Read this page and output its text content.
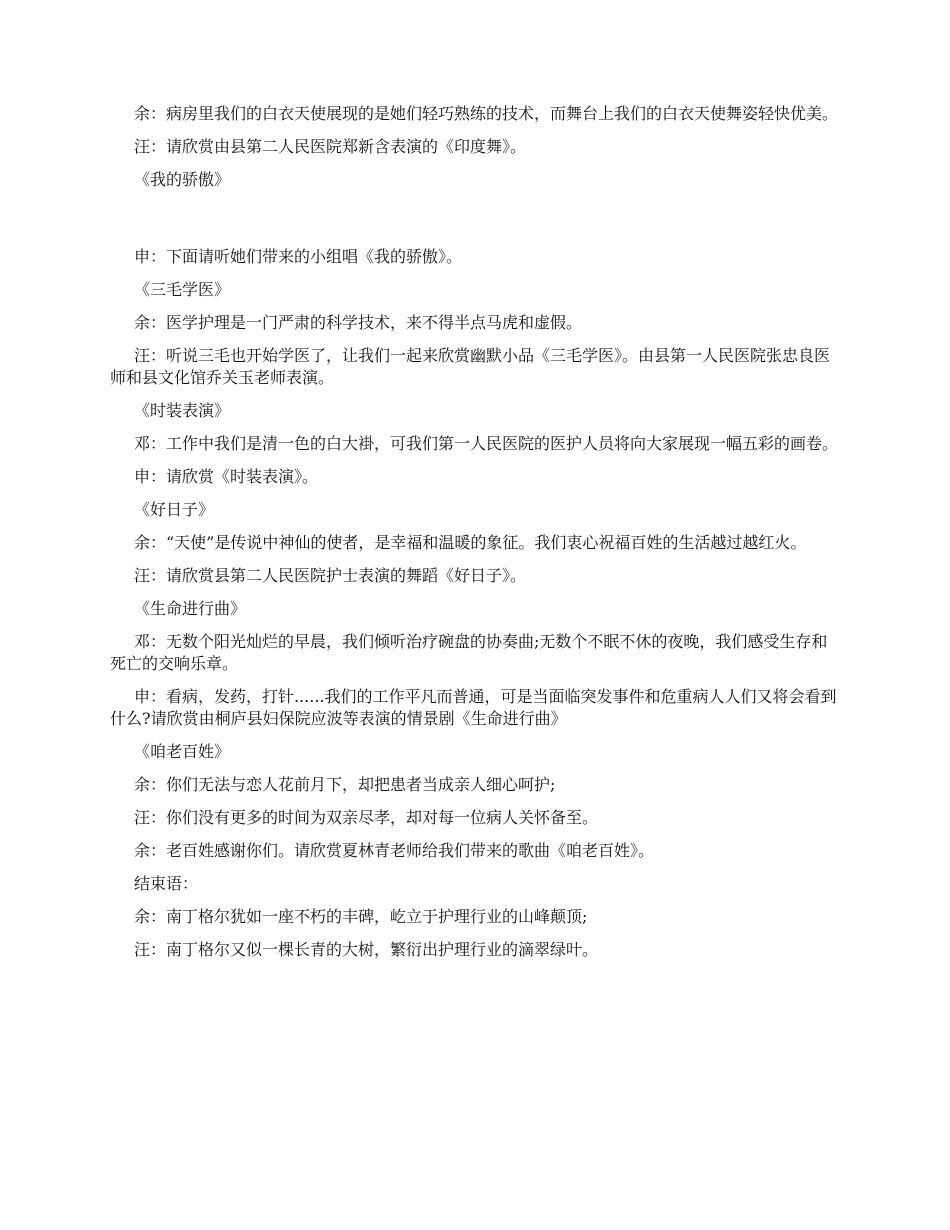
余：病房里我们的白衣天使展现的是她们轻巧熟练的技术，而舞台上我们的白衣天使舞姿轻快优美。

汪：请欣赏由县第二人民医院郑新含表演的《印度舞》。

《我的骄傲》

申：下面请听她们带来的小组唱《我的骄傲》。

《三毛学医》

余：医学护理是一门严肃的科学技术，来不得半点马虎和虚假。

汪：听说三毛也开始学医了，让我们一起来欣赏幽默小品《三毛学医》。由县第一人民医院张忠良医师和县文化馆乔关玉老师表演。

《时装表演》

邓：工作中我们是清一色的白大褂，可我们第一人民医院的医护人员将向大家展现一幅五彩的画卷。

申：请欣赏《时装表演》。

《好日子》

余：“天使”是传说中神仙的使者，是幸福和温暖的象征。我们衷心祝福百姓的生活越过越红火。

汪：请欣赏县第二人民医院护士表演的舞蹈《好日子》。

《生命进行曲》

邓：无数个阳光灿烂的早晨，我们倾听治疗碗盘的协奏曲;无数个不眠不休的夜晚，我们感受生存和死亡的交响乐章。

申：看病，发药，打针......我们的工作平凡而普通，可是当面临突发事件和危重病人人们又将会看到什么?请欣赏由桐庐县妇保院应波等表演的情景剧《生命进行曲》

《咱老百姓》

余：你们无法与恋人花前月下，却把患者当成亲人细心呵护;

汪：你们没有更多的时间为双亲尽孝，却对每一位病人关怀备至。

余：老百姓感谢你们。请欣赏夏林青老师给我们带来的歌曲《咱老百姓》。

结束语：

余：南丁格尔犹如一座不朽的丰碑，屹立于护理行业的山峰颠顶;

汪：南丁格尔又似一棵长青的大树，繁衍出护理行业的滴翠绿叶。
